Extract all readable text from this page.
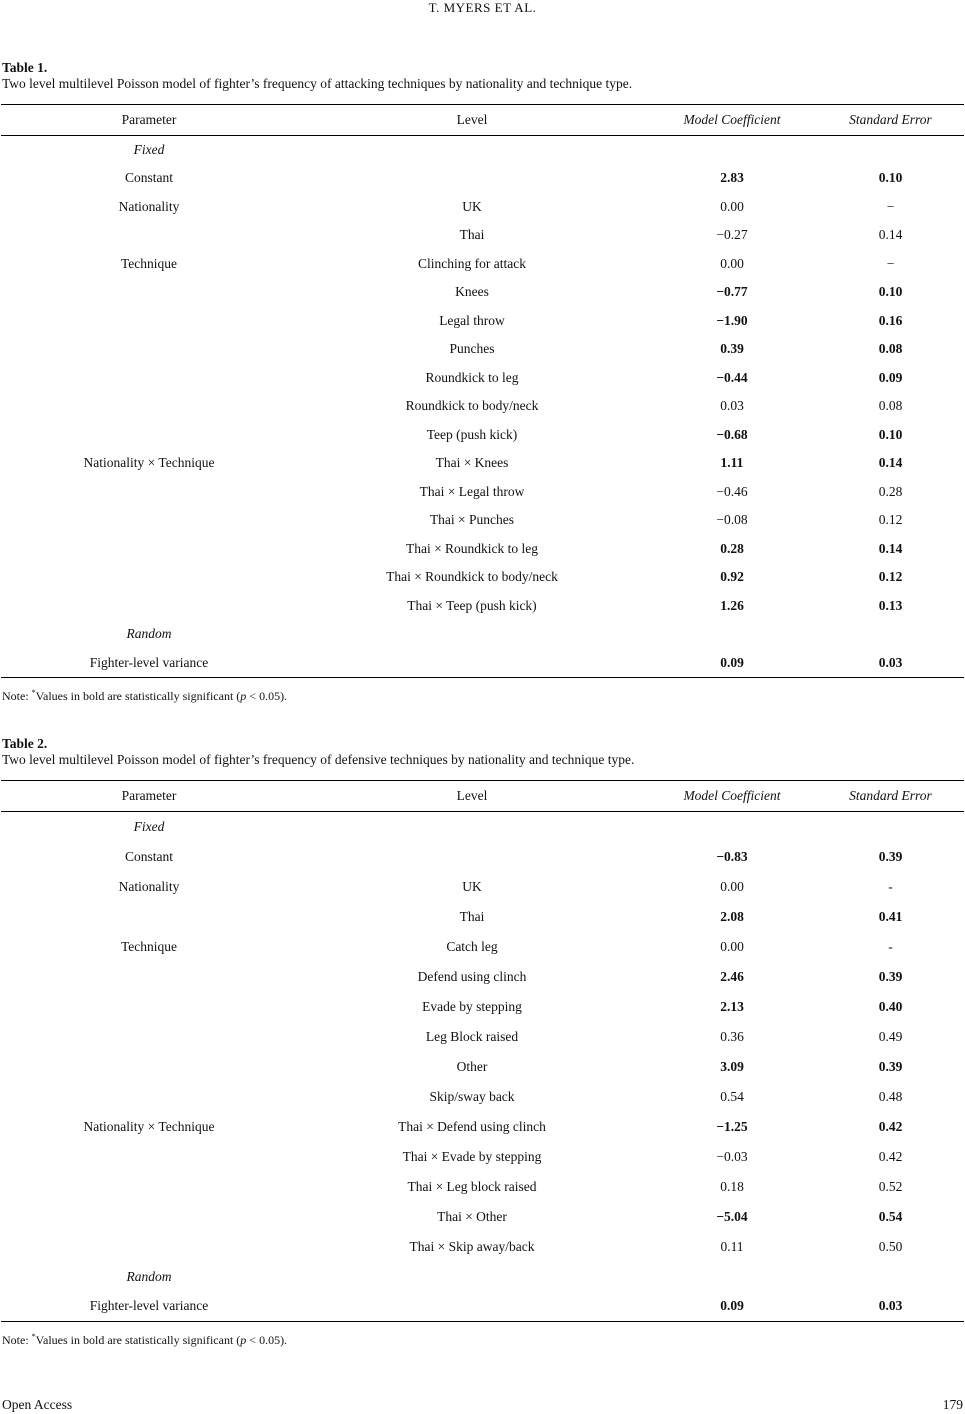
T. MYERS ET AL.
Table 1.
Two level multilevel Poisson model of fighter’s frequency of attacking techniques by nationality and technique type.
Parameter	Level	Model Coefficient	Standard Error
Fixed			
Constant		2.83	0.10
Nationality	UK	0.00	−
	Thai	−0.27	0.14
Technique	Clinching for attack	0.00	−
	Knees	−0.77	0.10
	Legal throw	−1.90	0.16
	Punches	0.39	0.08
	Roundkick to leg	−0.44	0.09
	Roundkick to body/neck	0.03	0.08
	Teep (push kick)	−0.68	0.10
Nationality × Technique	Thai × Knees	1.11	0.14
	Thai × Legal throw	−0.46	0.28
	Thai × Punches	−0.08	0.12
	Thai × Roundkick to leg	0.28	0.14
	Thai × Roundkick to body/neck	0.92	0.12
	Thai × Teep (push kick)	1.26	0.13
Random			
Fighter-level variance		0.09	0.03
Note: *Values in bold are statistically significant (p < 0.05).
Table 2.
Two level multilevel Poisson model of fighter’s frequency of defensive techniques by nationality and technique type.
Parameter	Level	Model Coefficient	Standard Error
Fixed			
Constant		−0.83	0.39
Nationality	UK	0.00	-
	Thai	2.08	0.41
Technique	Catch leg	0.00	-
	Defend using clinch	2.46	0.39
	Evade by stepping	2.13	0.40
	Leg Block raised	0.36	0.49
	Other	3.09	0.39
	Skip/sway back	0.54	0.48
Nationality × Technique	Thai × Defend using clinch	−1.25	0.42
	Thai × Evade by stepping	−0.03	0.42
	Thai × Leg block raised	0.18	0.52
	Thai × Other	−5.04	0.54
	Thai × Skip away/back	0.11	0.50
Random			
Fighter-level variance		0.09	0.03
Note: *Values in bold are statistically significant (p < 0.05).
Open Access	179
